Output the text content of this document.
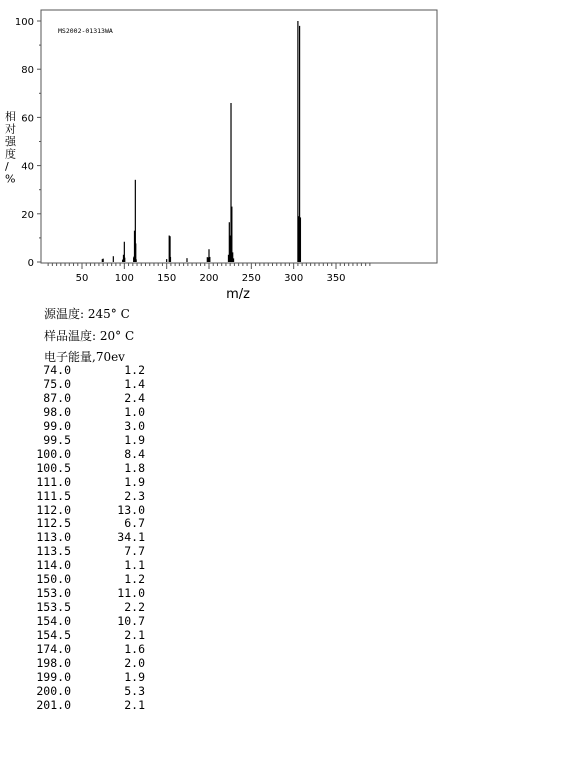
MS2002-01313WA
0
20
40
60
80
100
50	100 150 200 250 300 350
m/z
相对强度/ %
源温度: 245° C
样品温度: 20° C
电子能量,70ev
74.0	1.2
75.0	1.4
87.0	2.4
98.0	1.0
99.0	3.0
99.5	1.9
100.0	8.4
100.5	1.8
111.0	1.9
111.5	2.3
112.0	13.0
112.5	6.7
113.0	34.1
113.5	7.7
114.0	1.1
150.0	1.2
153.0	11.0
153.5	2.2
154.0	10.7
154.5	2.1
174.0	1.6
198.0	2.0
199.0	1.9
200.0	5.3
201.0	2.1
